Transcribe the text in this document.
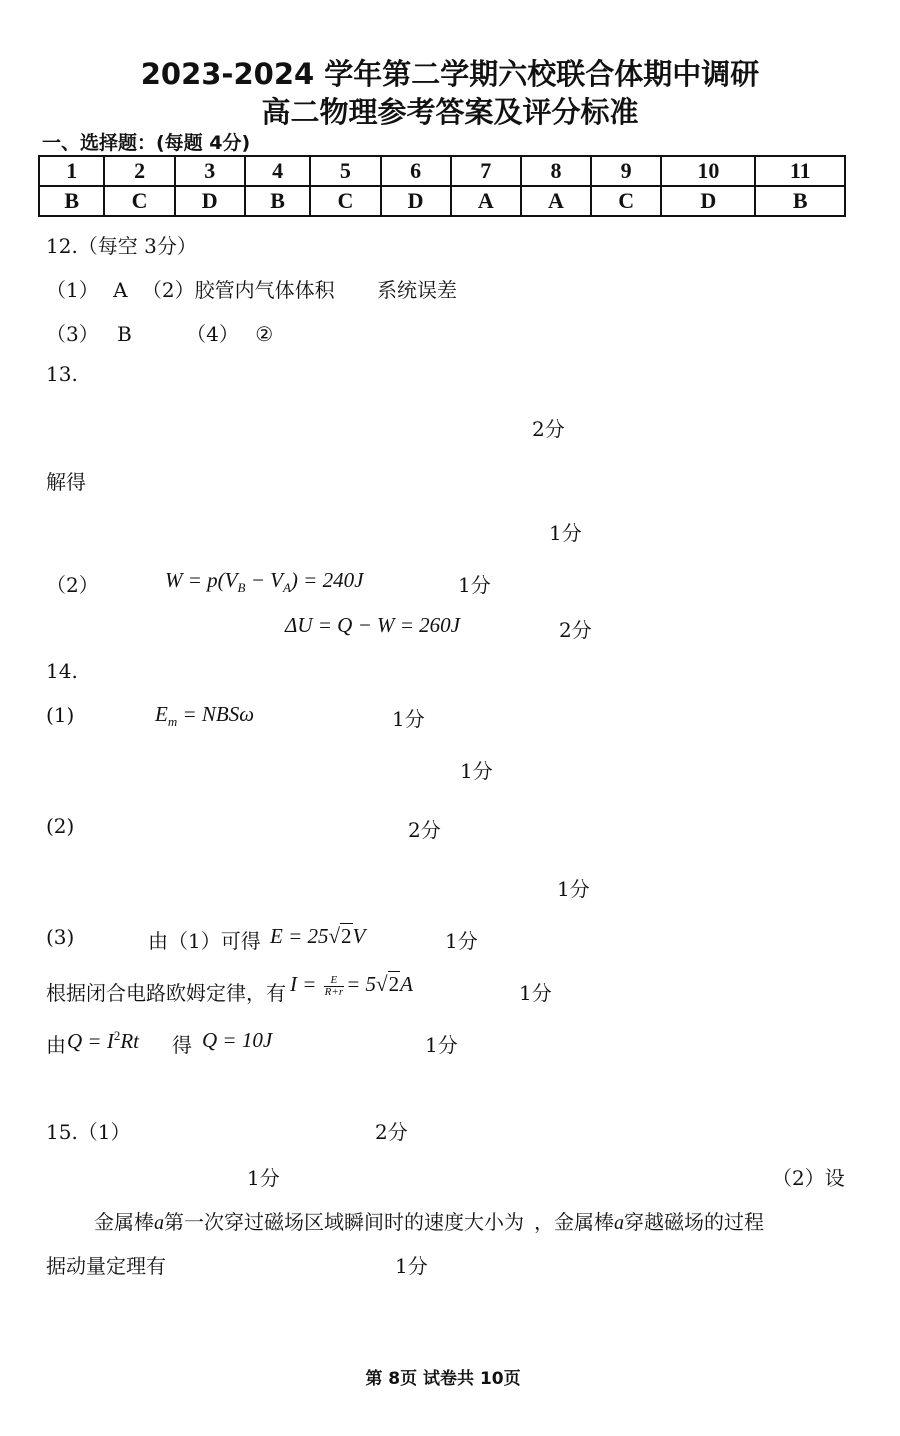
2023-2024 学年第二学期六校联合体期中调研
高二物理参考答案及评分标准
一、选择题：(每题 4分)
1	2	3	4	5	6	7	8	9	10	11
B	C	D	B	C	D	A	A	C	D	B
12.（每空 3分）
（1） A （2）胶管内气体体积 系统误差
（3） B	（4） ②
13.
2分
解得
1分
（2）	$W = p(V_B - V_A) = 240J$	1分
ΔU = Q − W = 260J	2分
14.
(1)	$E_m = NBS\omega$	1分
1分
(2)	2分
1分
(3)	由（1）可得 E = 25√2V	1分
根据闭合电路欧姆定律，有 $I = \frac{E}{R+r} = 5√2A$	1分
由 $Q = I^2Rt$ 得 Q = 10J	1分
15.（1）	2分
1分	（2）设
金属棒a第一次穿过磁场区域瞬间时的速度大小为 ，金属棒a穿越磁场的过程
据动量定理有	1分
第 8页 试卷共 10页
